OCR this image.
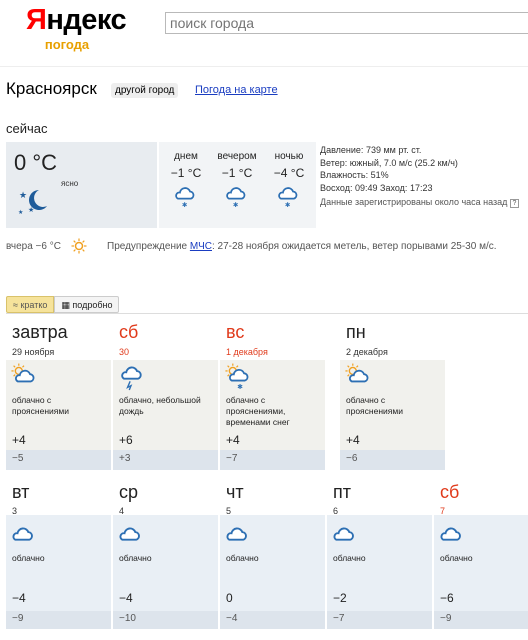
Яндекс
погода
поиск города
Красноярск	другой город	Погода на карте
сейчас
0 °C
ясно
★
★
★
днем
−1 °C
✱
вечером
−1 °C
✱
ночью
−4 °C
✱
Давление: 739 мм рт. ст.
Ветер: южный, 7.0 м/с (25.2 км/ч)
Влажность: 51%
Восход: 09:49 Заход: 17:23
Данные зарегистрированы около часа назад ?
вчера −6 °C	Предупреждение МЧС: 27-28 ноября ожидается метель, ветер порывами 25-30 м/с.
≈ кратко	▦ подробно
завтра
29 ноября
облачно с прояснениями
+4
−5
сб
30
облачно, небольшой дождь
+6
+3
вс
1 декабря
✱
облачно с прояснениями, временами снег
+4
−7
пн
2 декабря
облачно с прояснениями
+4
−6
вт
3
облачно
−4
−9
ср
4
облачно
−4
−10
чт
5
облачно
0
−4
пт
6
облачно
−2
−7
сб
7
облачно
−6
−9
